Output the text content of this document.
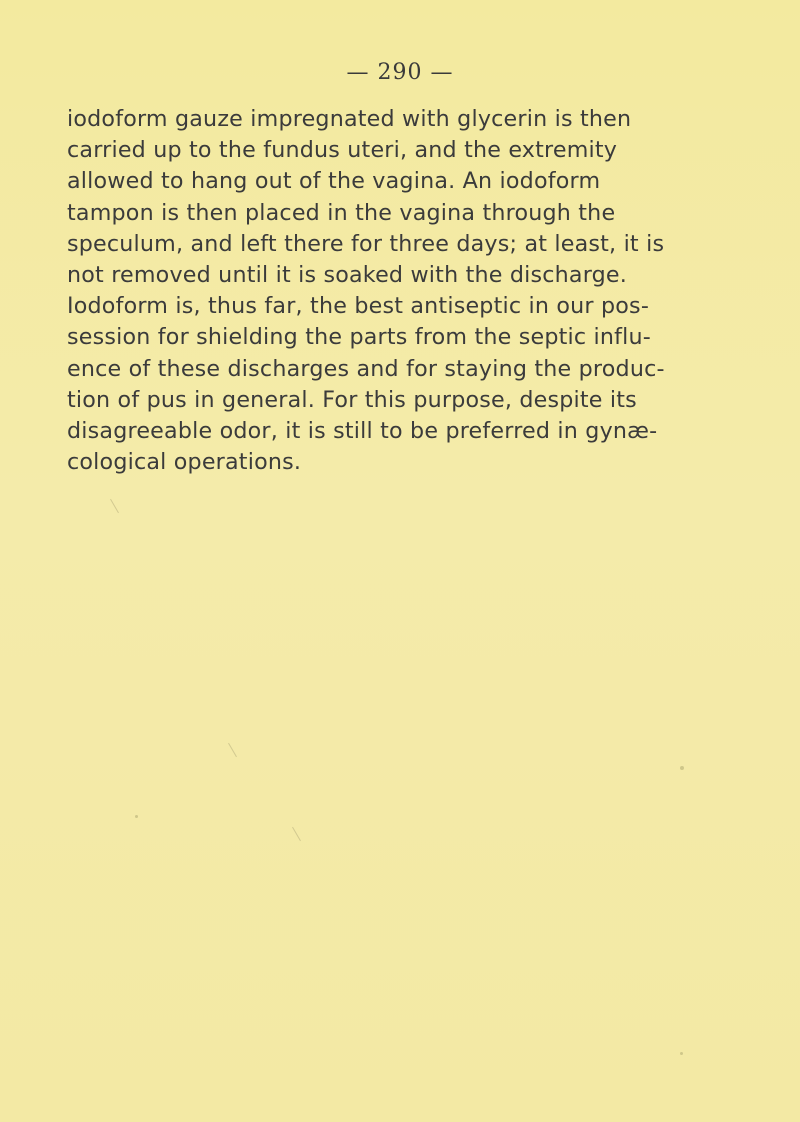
— 290 —
iodoform gauze impregnated with glycerin is then
carried up to the fundus uteri, and the extremity
allowed to hang out of the vagina. An iodoform
tampon is then placed in the vagina through the
speculum, and left there for three days; at least, it is
not removed until it is soaked with the discharge.
Iodoform is, thus far, the best antiseptic in our pos-
session for shielding the parts from the septic influ-
ence of these discharges and for staying the produc-
tion of pus in general. For this purpose, despite its
disagreeable odor, it is still to be preferred in gynæ-
cological operations.
